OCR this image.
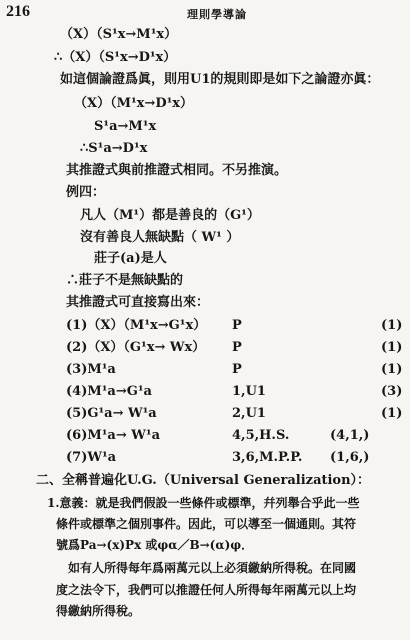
216	理則學導論
（X）（S¹x→M¹x）
∴（X）（S¹x→D¹x）
如這個論證爲眞，則用U1的規則即是如下之論證亦眞：
（X）（M¹x→D¹x）
S¹a→M¹x
∴S¹a→D¹x
其推證式與前推證式相同。不另推演。
例四：
凡人（M¹）都是善良的（G¹）
沒有善良人無缺點（ W¹ ）
莊子(a)是人
∴莊子不是無缺點的
其推證式可直接寫出來：
(1)（X）（M¹x→G¹x） P	(1)
(2)（X）（G¹x→ Wx） P	(1)
(3)M¹a	P	(1)
(4)M¹a→G¹a	1,U1	(3)
(5)G¹a→ W¹a	2,U1	(1)
(6)M¹a→ W¹a	4,5,H.S.	(4,1,)
(7)W¹a	3,6,M.P.P. (1,6,)
二、全稱普遍化U.G.（Universal Generalization）：
1.意義：就是我們假設一些條件或標準，幷列舉合乎此一些
條件或標準之個別事件。因此，可以導至一個通則。其符
號爲Pa→(x)Px 或φα／B→(α)φ．
如有人所得每年爲兩萬元以上必須繳納所得稅。在同國
度之法令下，我們可以推證任何人所得每年兩萬元以上均
得繳納所得稅。
